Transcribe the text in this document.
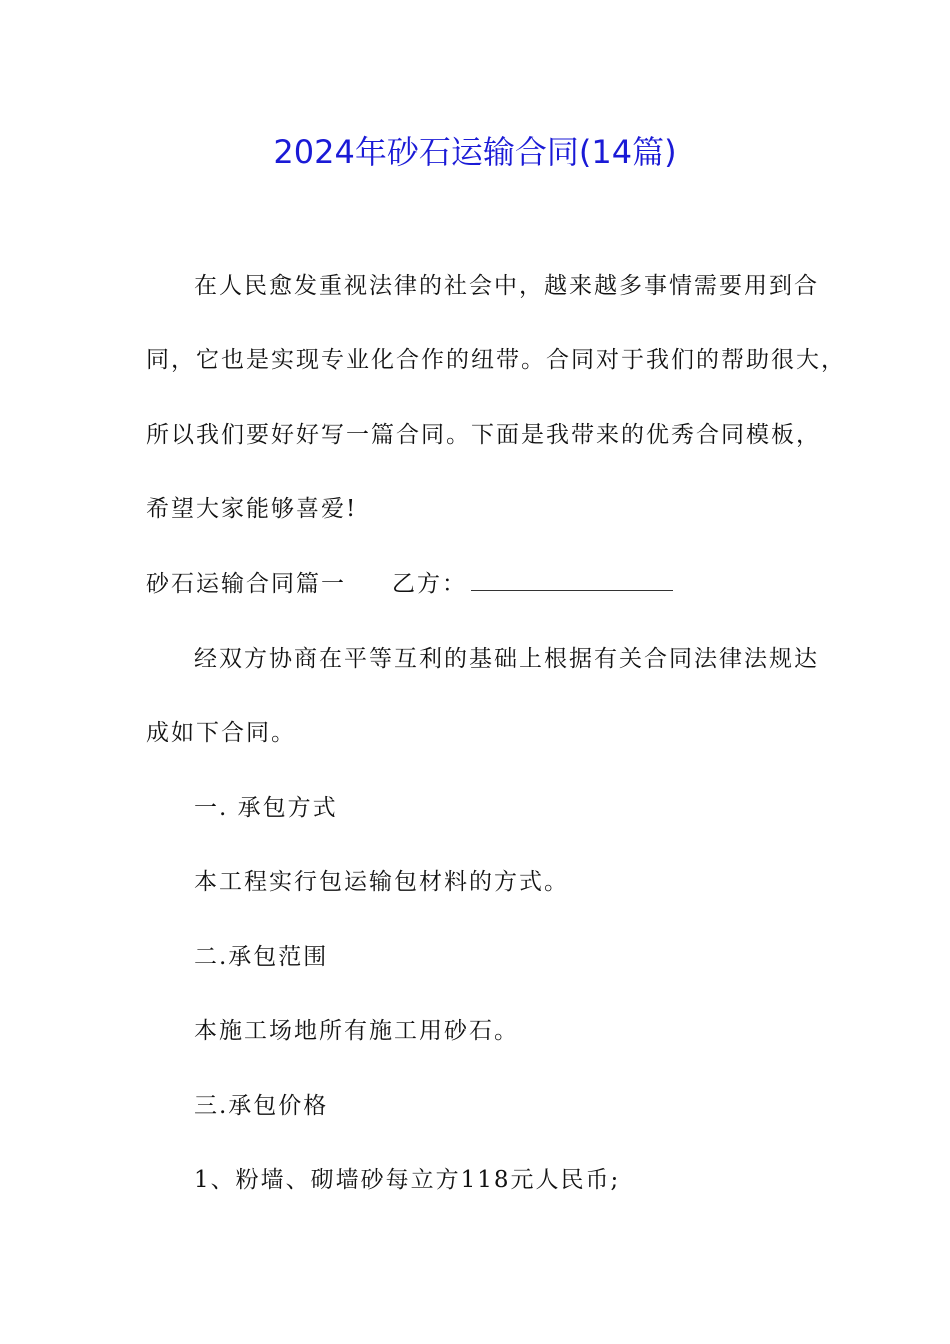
2024年砂石运输合同(14篇)
在人民愈发重视法律的社会中，越来越多事情需要用到合
同，它也是实现专业化合作的纽带。合同对于我们的帮助很大，
所以我们要好好写一篇合同。下面是我带来的优秀合同模板，
希望大家能够喜爱!
砂石运输合同篇一 乙方：
经双方协商在平等互利的基础上根据有关合同法律法规达
成如下合同。
一. 承包方式
本工程实行包运输包材料的方式。
二.承包范围
本施工场地所有施工用砂石。
三.承包价格
1、粉墙、砌墙砂每立方118元人民币;
